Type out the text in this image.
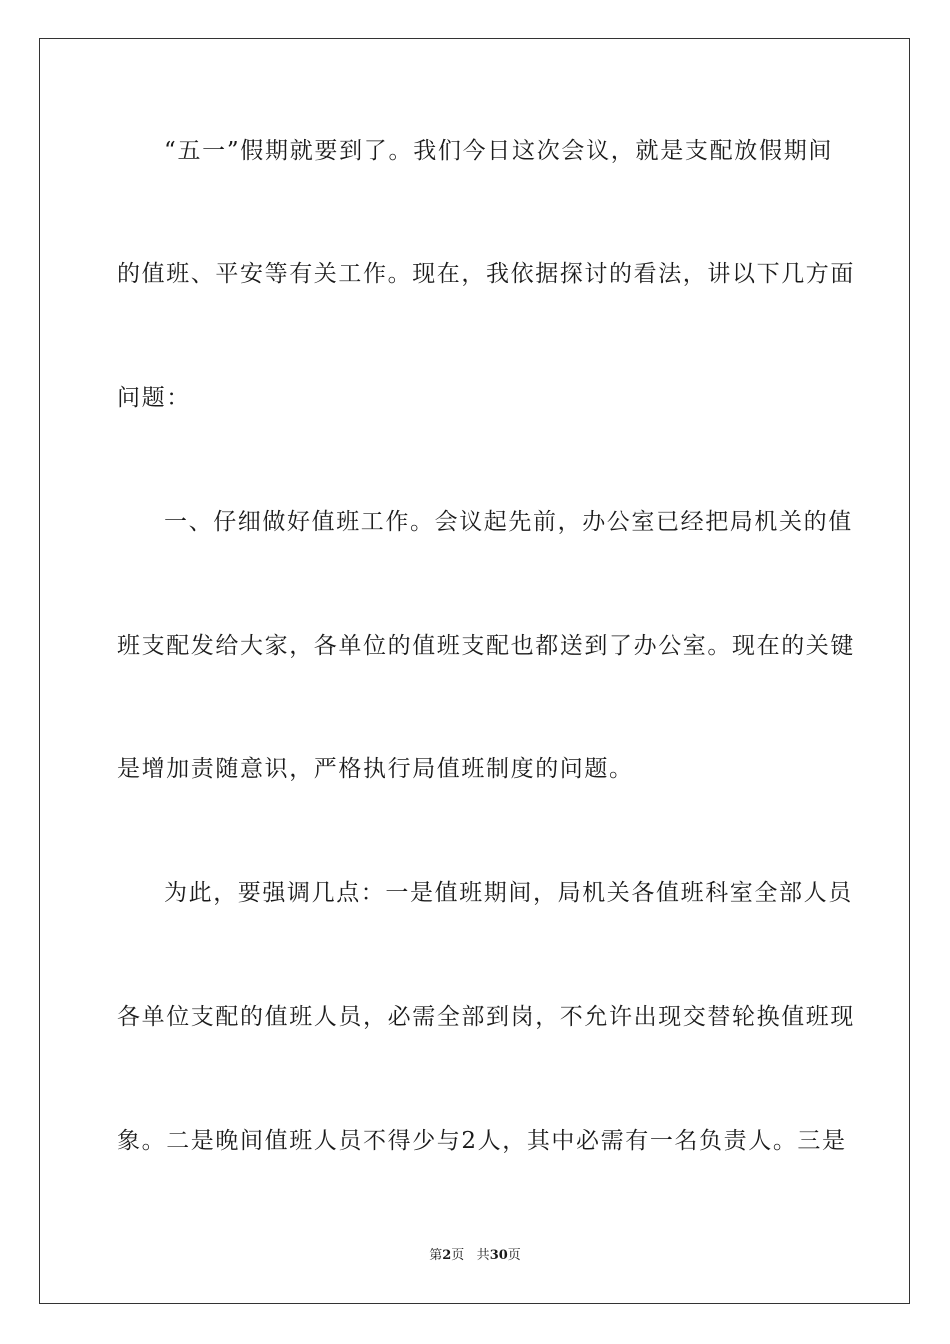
“五一”假期就要到了。我们今日这次会议，就是支配放假期间
的值班、平安等有关工作。现在，我依据探讨的看法，讲以下几方面
问题：
一、仔细做好值班工作。会议起先前，办公室已经把局机关的值
班支配发给大家，各单位的值班支配也都送到了办公室。现在的关键
是增加责随意识，严格执行局值班制度的问题。
为此，要强调几点：一是值班期间，局机关各值班科室全部人员
各单位支配的值班人员，必需全部到岗，不允许出现交替轮换值班现
象。二是晚间值班人员不得少与2人，其中必需有一名负责人。三是
第2页 共30页
